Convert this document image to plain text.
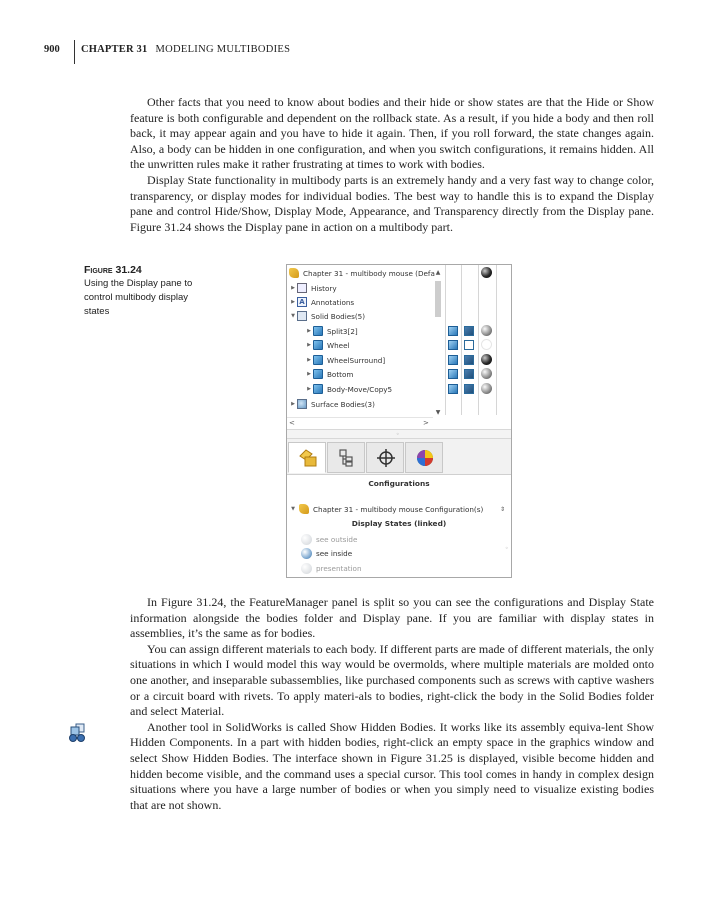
900	CHAPTER 31 MODELING MULTIBODIES

Other facts that you need to know about bodies and their hide or show states are that the Hide or Show feature is both configurable and dependent on the rollback state. As a result, if you hide a body and then roll back, it may appear again and you have to hide it again. Then, if you roll forward, the state changes again. Also, a body can be hidden in one configuration, and when you switch configurations, it remains hidden. All the unwritten rules make it rather frustrating at times to work with bodies.

Display State functionality in multibody parts is an extremely handy and a very fast way to change color, transparency, or display modes for individual bodies. The best way to handle this is to expand the Display pane and control Hide/Show, Display Mode, Appearance, and Transparency directly from the Display pane. Figure 31.24 shows the Display pane in action on a multibody part.

Figure 31.24
Using the Display pane to control multibody display states
Chapter 31 - multibody mouse (Defa
▶ History
▶ A Annotations
▼ Solid Bodies(5)
▶ Split3[2]
▶ Wheel
▶ WheelSurround]
▶ Bottom
▶ Body-Move/Copy5
▶ Surface Bodies(3)
▲
▼
<	>
◦
Configurations
▼	Chapter 31 - multibody mouse Configuration(s)	⇕
Display States (linked)
see outside
see inside
presentation
◦

In Figure 31.24, the FeatureManager panel is split so you can see the configurations and Display State information alongside the bodies folder and Display pane. If you are familiar with display states in assemblies, it’s the same as for bodies.

You can assign different materials to each body. If different parts are made of different materials, the only situations in which I would model this way would be overmolds, where multiple materials are molded onto one another, and inseparable subassemblies, like purchased components such as screws with captive washers or a circuit board with rivets. To apply materi-als to bodies, right-click the body in the Solid Bodies folder and select Material.

Another tool in SolidWorks is called Show Hidden Bodies. It works like its assembly equiva-lent Show Hidden Components. In a part with hidden bodies, right-click an empty space in the graphics window and select Show Hidden Bodies. The interface shown in Figure 31.25 is displayed, visible become hidden and hidden become visible, and the command uses a special cursor. This tool comes in handy in complex design situations where you have a large number of bodies or when you simply need to visualize existing bodies that are not shown.
